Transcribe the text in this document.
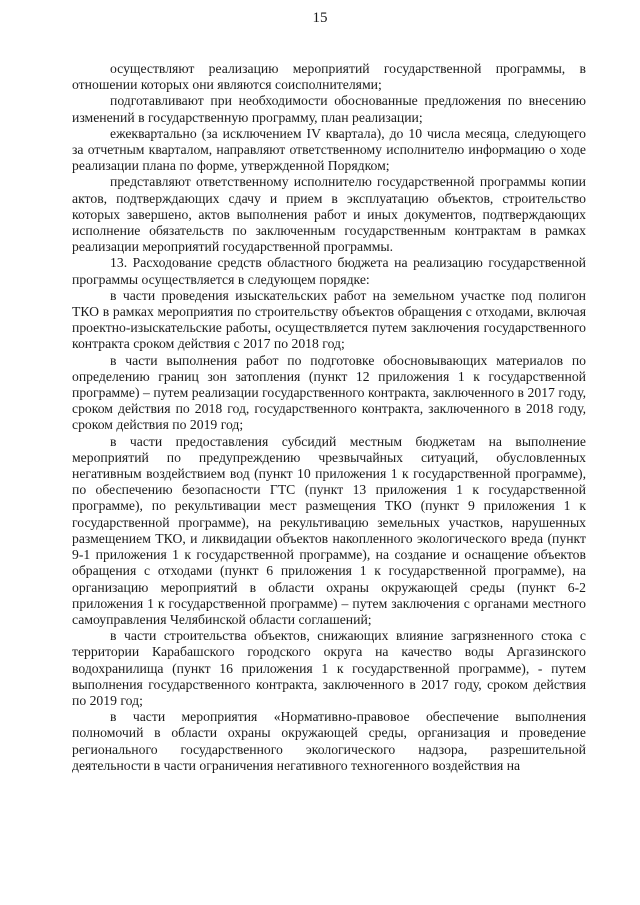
15

осуществляют реализацию мероприятий государственной программы, в отношении которых они являются соисполнителями;

подготавливают при необходимости обоснованные предложения по внесению изменений в государственную программу, план реализации;

ежеквартально (за исключением IV квартала), до 10 числа месяца, следующего за отчетным кварталом, направляют ответственному исполнителю информацию о ходе реализации плана по форме, утвержденной Порядком;

представляют ответственному исполнителю государственной программы копии актов, подтверждающих сдачу и прием в эксплуатацию объектов, строительство которых завершено, актов выполнения работ и иных документов, подтверждающих исполнение обязательств по заключенным государственным контрактам в рамках реализации мероприятий государственной программы.

13. Расходование средств областного бюджета на реализацию государственной программы осуществляется в следующем порядке:

в части проведения изыскательских работ на земельном участке под полигон ТКО в рамках мероприятия по строительству объектов обращения с отходами, включая проектно-изыскательские работы, осуществляется путем заключения государственного контракта сроком действия с 2017 по 2018 год;

в части выполнения работ по подготовке обосновывающих материалов по определению границ зон затопления (пункт 12 приложения 1 к государственной программе) – путем реализации государственного контракта, заключенного в 2017 году, сроком действия по 2018 год, государственного контракта, заключенного в 2018 году, сроком действия по 2019 год;

в части предоставления субсидий местным бюджетам на выполнение мероприятий по предупреждению чрезвычайных ситуаций, обусловленных негативным воздействием вод (пункт 10 приложения 1 к государственной программе), по обеспечению безопасности ГТС (пункт 13 приложения 1 к государственной программе), по рекультивации мест размещения ТКО (пункт 9 приложения 1 к государственной программе), на рекультивацию земельных участков, нарушенных размещением ТКО, и ликвидации объектов накопленного экологического вреда (пункт 9-1 приложения 1 к государственной программе), на создание и оснащение объектов обращения с отходами (пункт 6 приложения 1 к государственной программе), на организацию мероприятий в области охраны окружающей среды (пункт 6-2 приложения 1 к государственной программе) – путем заключения с органами местного самоуправления Челябинской области соглашений;

в части строительства объектов, снижающих влияние загрязненного стока с территории Карабашского городского округа на качество воды Аргазинского водохранилища (пункт 16 приложения 1 к государственной программе), - путем выполнения государственного контракта, заключенного в 2017 году, сроком действия по 2019 год;

в части мероприятия «Нормативно-правовое обеспечение выполнения полномочий в области охраны окружающей среды, организация и проведение регионального государственного экологического надзора, разрешительной деятельности в части ограничения негативного техногенного воздействия на
